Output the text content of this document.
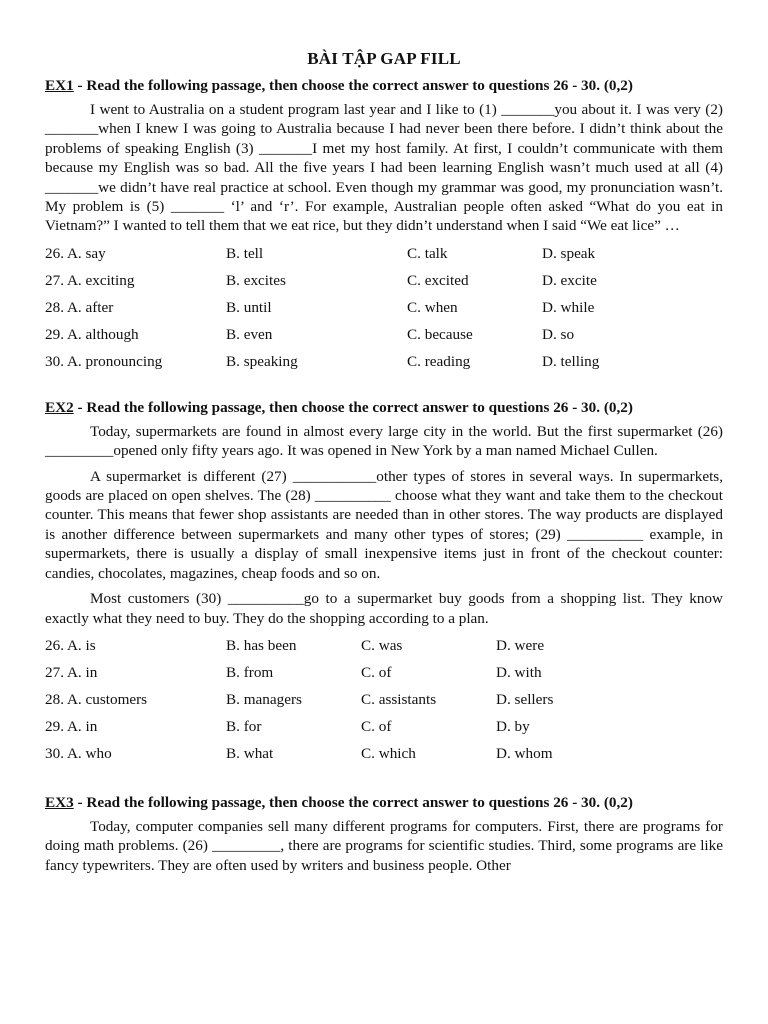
BÀI TẬP GAP FILL

EX1 - Read the following passage, then choose the correct answer to questions 26 - 30. (0,2)

I went to Australia on a student program last year and I like to (1) _______you about it. I was very (2) _______when I knew I was going to Australia because I had never been there before. I didn’t think about the problems of speaking English (3) _______I met my host family. At first, I couldn’t communicate with them because my English was so bad. All the five years I had been learning English wasn’t much used at all (4) _______we didn’t have real practice at school. Even though my grammar was good, my pronunciation wasn’t. My problem is (5) _______ ‘l’ and ‘r’. For example, Australian people often asked “What do you eat in Vietnam?” I wanted to tell them that we eat rice, but they didn’t understand when I said “We eat lice” …

26. A. say	B. tell	C. talk	D. speak
27. A. exciting	B. excites	C. excited	D. excite
28. A. after	B. until	C. when	D. while
29. A. although	B. even	C. because	D. so
30. A. pronouncing	B. speaking	C. reading	D. telling

EX2 - Read the following passage, then choose the correct answer to questions 26 - 30. (0,2)

Today, supermarkets are found in almost every large city in the world. But the first supermarket (26) _________opened only fifty years ago. It was opened in New York by a man named Michael Cullen.

A supermarket is different (27) ___________other types of stores in several ways. In supermarkets, goods are placed on open shelves. The (28) __________ choose what they want and take them to the checkout counter. This means that fewer shop assistants are needed than in other stores. The way products are displayed is another difference between supermarkets and many other types of stores; (29) __________ example, in supermarkets, there is usually a display of small inexpensive items just in front of the checkout counter: candies, chocolates, magazines, cheap foods and so on.

Most customers (30) __________go to a supermarket buy goods from a shopping list. They know exactly what they need to buy. They do the shopping according to a plan.

26. A. is	B. has been	C. was	D. were
27. A. in	B. from	C. of	D. with
28. A. customers	B. managers	C. assistants	D. sellers
29. A. in	B. for	C. of	D. by
30. A. who	B. what	C. which	D. whom

EX3 - Read the following passage, then choose the correct answer to questions 26 - 30. (0,2)

Today, computer companies sell many different programs for computers. First, there are programs for doing math problems. (26) _________, there are programs for scientific studies. Third, some programs are like fancy typewriters. They are often used by writers and business people. Other
